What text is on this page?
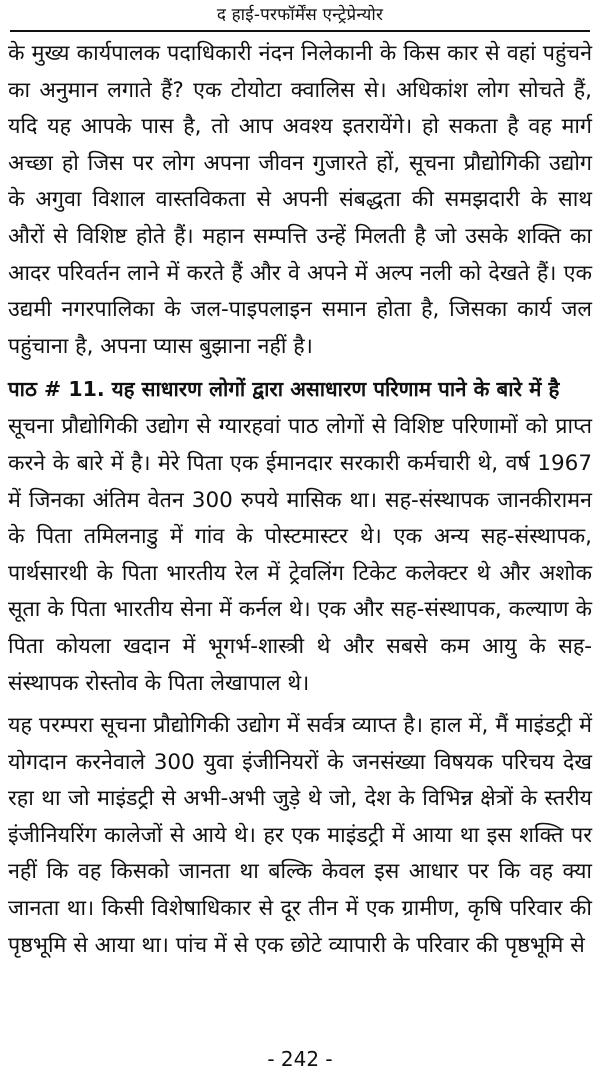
द हाई-परफॉर्मेंस एन्ट्रेप्रेन्योर

के मुख्य कार्यपालक पदाधिकारी नंदन निलेकानी के किस कार से वहां पहुंचने का अनुमान लगाते हैं? एक टोयोटा क्वालिस से। अधिकांश लोग सोचते हैं, यदि यह आपके पास है, तो आप अवश्य इतरायेंगे। हो सकता है वह मार्ग अच्छा हो जिस पर लोग अपना जीवन गुजारते हों, सूचना प्रौद्योगिकी उद्योग के अगुवा विशाल वास्तविकता से अपनी संबद्धता की समझदारी के साथ औरों से विशिष्ट होते हैं। महान सम्पत्ति उन्हें मिलती है जो उसके शक्ति का आदर परिवर्तन लाने में करते हैं और वे अपने में अल्प नली को देखते हैं। एक उद्यमी नगरपालिका के जल-पाइपलाइन समान होता है, जिसका कार्य जल पहुंचाना है, अपना प्यास बुझाना नहीं है।

पाठ # 11. यह साधारण लोगों द्वारा असाधारण परिणाम पाने के बारे में है

सूचना प्रौद्योगिकी उद्योग से ग्यारहवां पाठ लोगों से विशिष्ट परिणामों को प्राप्त करने के बारे में है। मेरे पिता एक ईमानदार सरकारी कर्मचारी थे, वर्ष 1967 में जिनका अंतिम वेतन 300 रुपये मासिक था। सह-संस्थापक जानकीरामन के पिता तमिलनाडु में गांव के पोस्टमास्टर थे। एक अन्य सह-संस्थापक, पार्थसारथी के पिता भारतीय रेल में ट्रेवलिंग टिकेट कलेक्टर थे और अशोक सूता के पिता भारतीय सेना में कर्नल थे। एक और सह-संस्थापक, कल्याण के पिता कोयला खदान में भूगर्भ-शास्त्री थे और सबसे कम आयु के सह-संस्थापक रोस्तोव के पिता लेखापाल थे।

यह परम्परा सूचना प्रौद्योगिकी उद्योग में सर्वत्र व्याप्त है। हाल में, मैं माइंडट्री में योगदान करनेवाले 300 युवा इंजीनियरों के जनसंख्या विषयक परिचय देख रहा था जो माइंडट्री से अभी-अभी जुड़े थे जो, देश के विभिन्न क्षेत्रों के स्तरीय इंजीनियरिंग कालेजों से आये थे। हर एक माइंडट्री में आया था इस शक्ति पर नहीं कि वह किसको जानता था बल्कि केवल इस आधार पर कि वह क्या जानता था। किसी विशेषाधिकार से दूर तीन में एक ग्रामीण, कृषि परिवार की पृष्ठभूमि से आया था। पांच में से एक छोटे व्यापारी के परिवार की पृष्ठभूमि से

- 242 -
